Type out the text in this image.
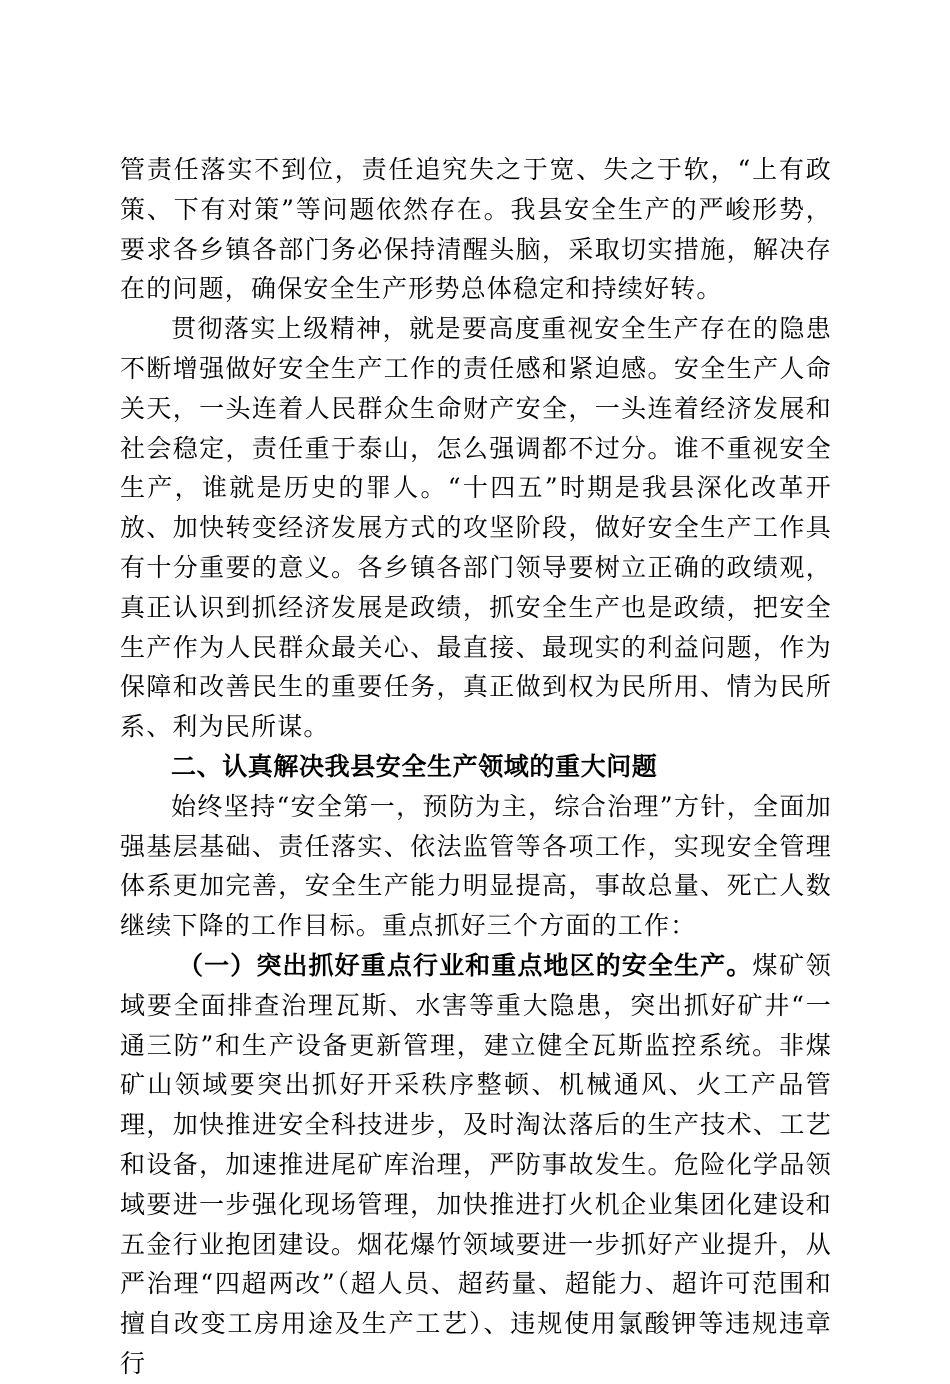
管责任落实不到位，责任追究失之于宽、失之于软，“上有政策、下有对策”等问题依然存在。我县安全生产的严峻形势，要求各乡镇各部门务必保持清醒头脑，采取切实措施，解决存在的问题，确保安全生产形势总体稳定和持续好转。

贯彻落实上级精神，就是要高度重视安全生产存在的隐患不断增强做好安全生产工作的责任感和紧迫感。安全生产人命关天，一头连着人民群众生命财产安全，一头连着经济发展和社会稳定，责任重于泰山，怎么强调都不过分。谁不重视安全生产，谁就是历史的罪人。“十四五”时期是我县深化改革开放、加快转变经济发展方式的攻坚阶段，做好安全生产工作具有十分重要的意义。各乡镇各部门领导要树立正确的政绩观，真正认识到抓经济发展是政绩，抓安全生产也是政绩，把安全生产作为人民群众最关心、最直接、最现实的利益问题，作为保障和改善民生的重要任务，真正做到权为民所用、情为民所系、利为民所谋。

二、认真解决我县安全生产领域的重大问题

始终坚持“安全第一，预防为主，综合治理”方针，全面加强基层基础、责任落实、依法监管等各项工作，实现安全管理体系更加完善，安全生产能力明显提高，事故总量、死亡人数继续下降的工作目标。重点抓好三个方面的工作：

（一）突出抓好重点行业和重点地区的安全生产。煤矿领域要全面排查治理瓦斯、水害等重大隐患，突出抓好矿井“一通三防”和生产设备更新管理，建立健全瓦斯监控系统。非煤矿山领域要突出抓好开采秩序整顿、机械通风、火工产品管理，加快推进安全科技进步，及时淘汰落后的生产技术、工艺和设备，加速推进尾矿库治理，严防事故发生。危险化学品领域要进一步强化现场管理，加快推进打火机企业集团化建设和五金行业抱团建设。烟花爆竹领域要进一步抓好产业提升，从严治理“四超两改”（超人员、超药量、超能力、超许可范围和擅自改变工房用途及生产工艺）、违规使用氯酸钾等违规违章行
